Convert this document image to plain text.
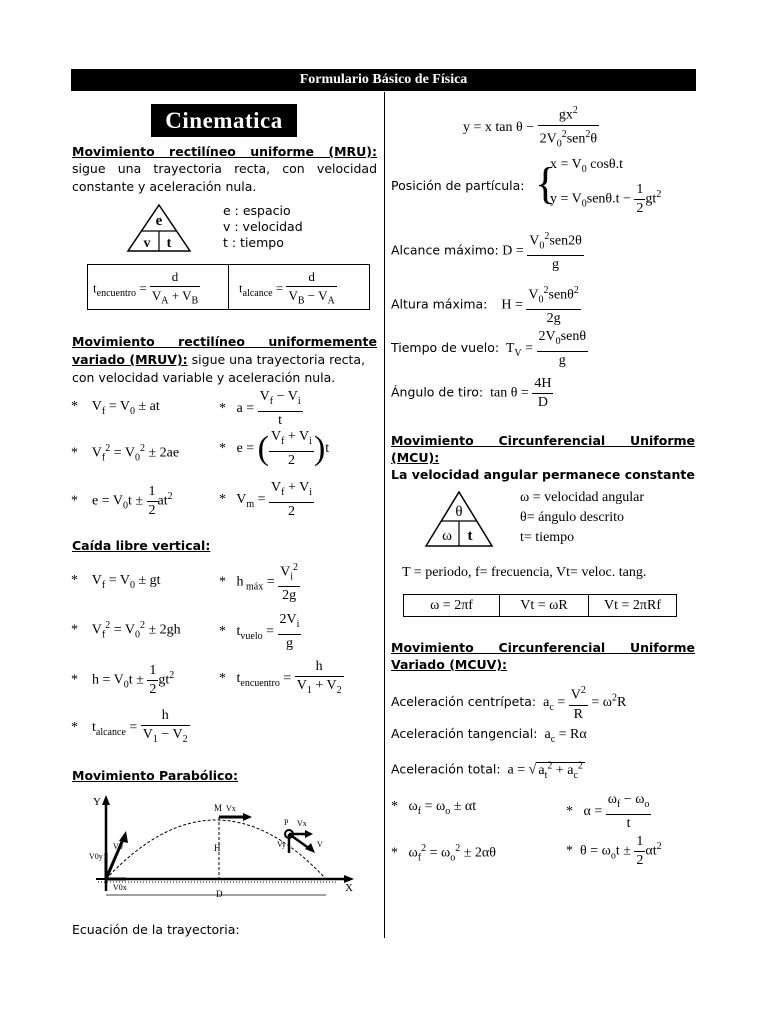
Formulario Básico de Física
Cinematica
Movimiento rectilíneo uniforme (MRU):
sigue una trayectoria recta, con velocidad
constante y aceleración nula.
e
v t
e : espacio
v : velocidad
t : tiempo
$t_{encuentro} = \frac{d}{V_A + V_B}$	$t_{alcance} = \frac{d}{V_B - V_A}$
Movimiento rectilíneo uniformemente
variado (MRUV): sigue una trayectoria recta,
con velocidad variable y aceleración nula.
*    $V_f = V_0$ ± at	*   $a = \frac{V_f - V_i}{t}$
*    $V_f^2 = V_0^2 \pm 2ae$	*   e = ( $\frac{V_f + V_i}{2} )t$
*    $e = V_0t \pm \frac{1}{2} at^2$	*   $V_m = \frac{V_f + V_i}{2}$
Caída libre vertical:
*    $V_f = V_0$ ± gt	*   h $_{máx} = \frac{V_i^2}{2g}$
*    $V_f^2 = V_0^2 \pm 2gh$	*   $t_{vuelo} = \frac{2V_i}{g}$
*    $h = V_0t \pm \frac{1}{2} gt^2$	*   $t_{encuentro} = \frac{h}{V_1 + V_2}$
*    $t_{alcance} = \frac{h}{V_1 - V_2}$
Movimiento Parabólico:
Y
X
M Vx
P Vx
Vy	V
H
D
V0
V0y
V0x
Ecuación de la trayectoria:
y = x $\tan \theta - \frac{gx^2}{2V_0^2sen^2\theta}$
Posición de partícula: {
$x = V_0$ cosθ.t
$y = V_0sen\theta.t - \frac{1}{2} gt^2$
Alcance máximo: $D = \frac{V_0^2sen2\theta}{g}$
Altura máxima:    $H = \frac{V_0^2sen\theta^2}{2g}$
Tiempo de vuelo:  $T_V = \frac{2V_0sen\theta}{g}$
Ángulo de tiro:  $\tan \theta = \frac{4H}{D}$
Movimiento Circunferencial Uniforme
(MCU):
La velocidad angular permanece constante
θ
ω t
ω = velocidad angular
θ= ángulo descrito
t= tiempo
T = periodo, f= frecuencia, Vt= veloc. tang.
ω = 2πf	Vt = ωR	Vt = 2πRf
Movimiento Circunferencial Uniforme
Variado (MCUV):
Aceleración centrípeta:  $a_c = \frac{V^2}{R} = \omega^2R$
Aceleración tangencial:  $a_c = R\alpha$
Aceleración total:  a = √ $a_t^2 + a_c^2$
*   $\omega_f = \omega_o \pm \alpha t$	*   $\alpha = \frac{\omega_f - \omega_o}{t}$
*   $\omega_f^2 = \omega_o^2 \pm 2\alpha\theta$	*  $\theta = \omega_ot \pm \frac{1}{2} \alpha t^2$
